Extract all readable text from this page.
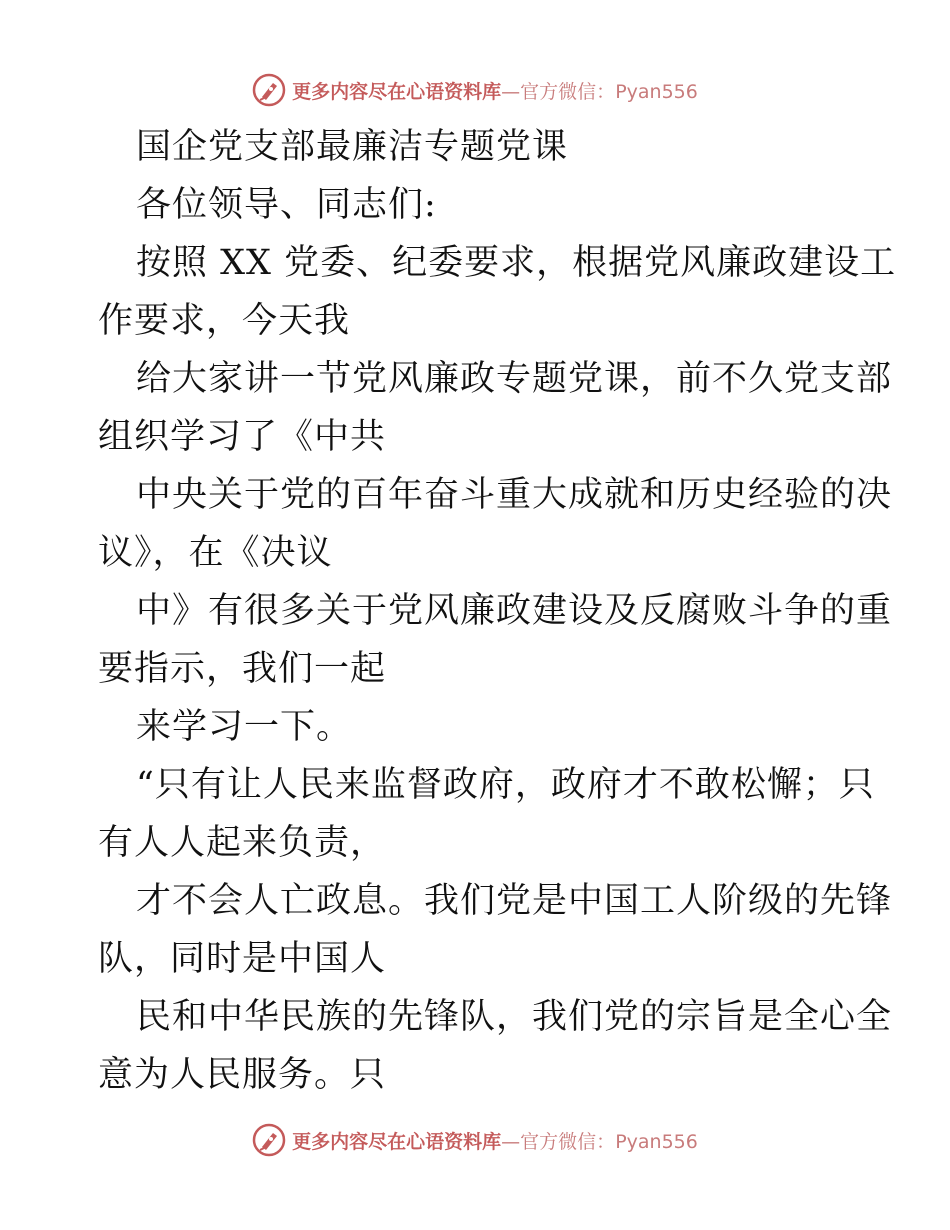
更多内容尽在心语资料库—官方微信：Pyan556
国企党支部最廉洁专题党课
各位领导、同志们:
按照 XX 党委、纪委要求，根据党风廉政建设工
作要求，今天我
给大家讲一节党风廉政专题党课，前不久党支部
组织学习了《中共
中央关于党的百年奋斗重大成就和历史经验的决
议》，在《决议
中》有很多关于党风廉政建设及反腐败斗争的重
要指示，我们一起
来学习一下。
“只有让人民来监督政府，政府才不敢松懈；只
有人人起来负责，
才不会人亡政息。我们党是中国工人阶级的先锋
队，同时是中国人
民和中华民族的先锋队，我们党的宗旨是全心全
意为人民服务。只
更多内容尽在心语资料库—官方微信：Pyan556
